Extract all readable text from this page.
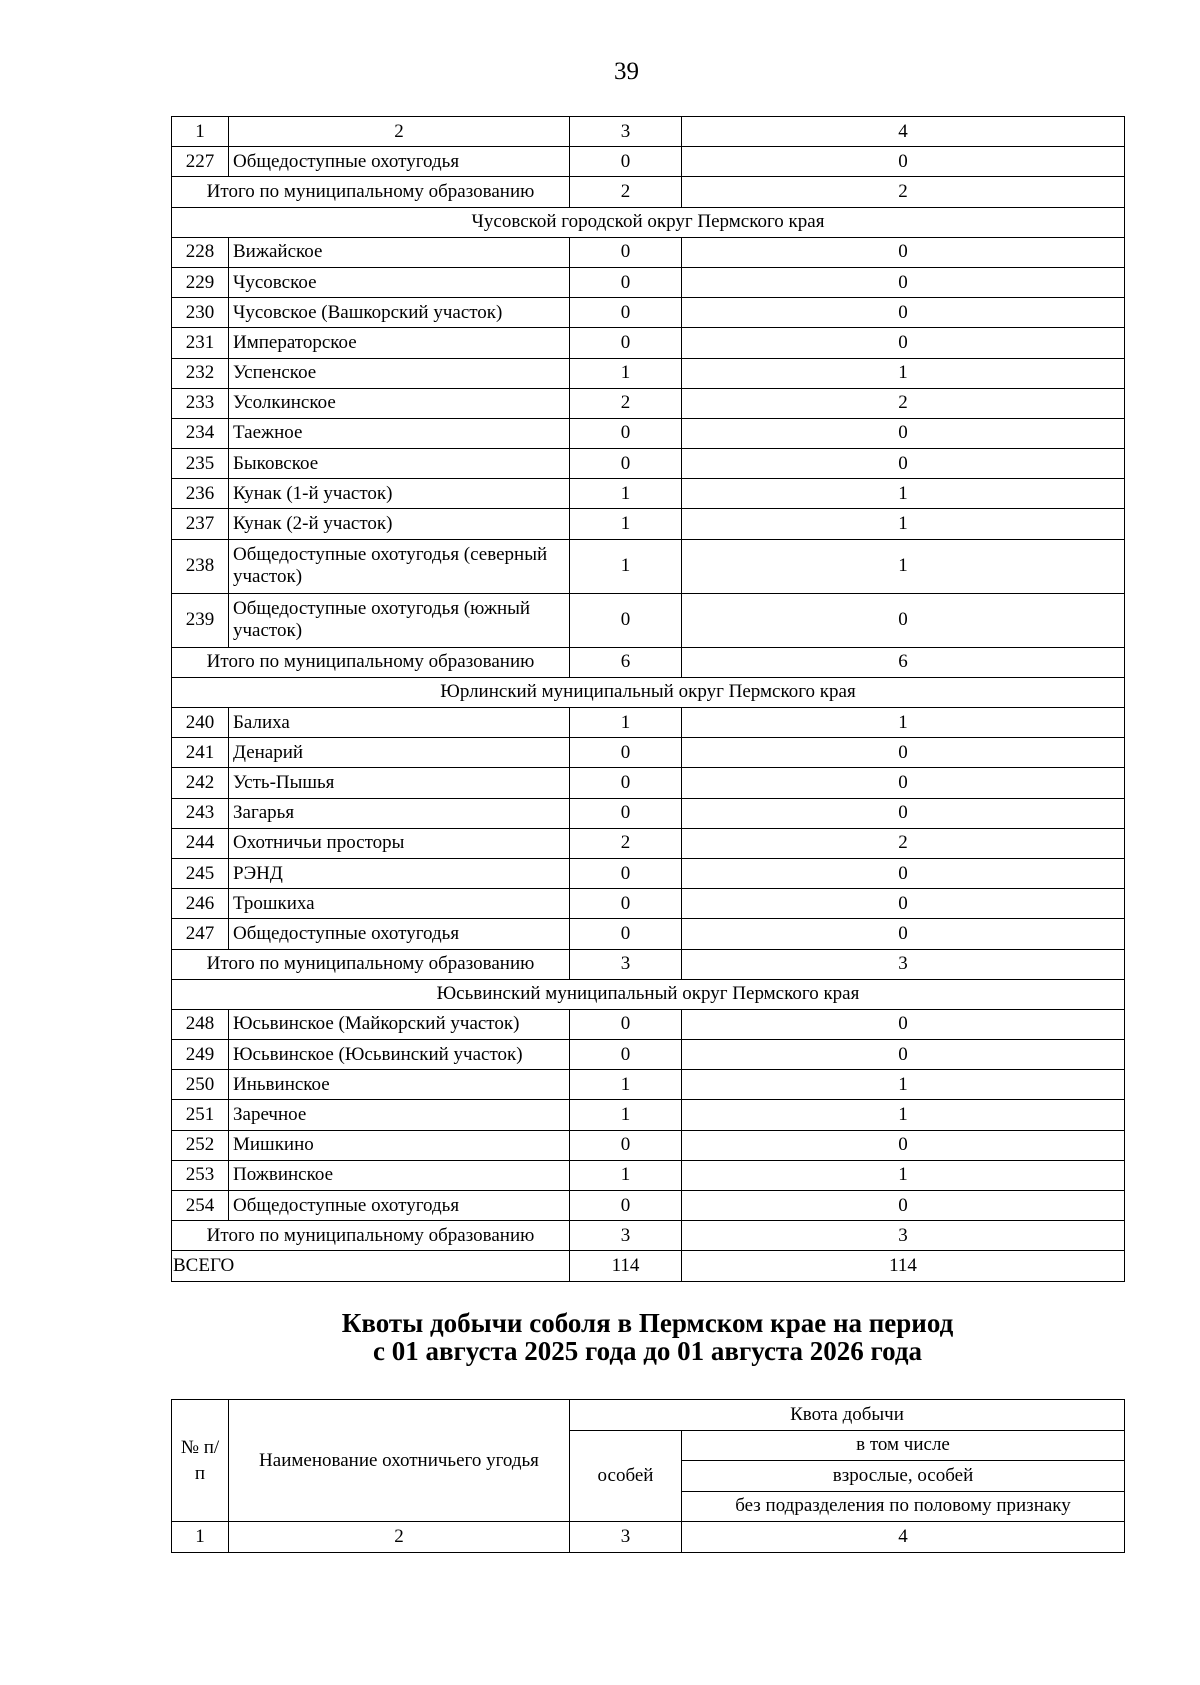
39
1	2	3	4
227	Общедоступные охотугодья	0	0
Итого по муниципальному образованию		2	2
Чусовской городской округ Пермского края			
228	Вижайское	0	0
229	Чусовское	0	0
230	Чусовское (Вашкорский участок)	0	0
231	Императорское	0	0
232	Успенское	1	1
233	Усолкинское	2	2
234	Таежное	0	0
235	Быковское	0	0
236	Кунак (1-й участок)	1	1
237	Кунак (2-й участок)	1	1
238	Общедоступные охотугодья (северный участок)	1	1
239	Общедоступные охотугодья (южный участок)	0	0
Итого по муниципальному образованию		6	6
Юрлинский муниципальный округ Пермского края			
240	Балиха	1	1
241	Денарий	0	0
242	Усть-Пышья	0	0
243	Загарья	0	0
244	Охотничьи просторы	2	2
245	РЭНД	0	0
246	Трошкиха	0	0
247	Общедоступные охотугодья	0	0
Итого по муниципальному образованию		3	3
Юсьвинский муниципальный округ Пермского края			
248	Юсьвинское (Майкорский участок)	0	0
249	Юсьвинское (Юсьвинский участок)	0	0
250	Иньвинское	1	1
251	Заречное	1	1
252	Мишкино	0	0
253	Пожвинское	1	1
254	Общедоступные охотугодья	0	0
Итого по муниципальному образованию		3	3
ВСЕГО		114	114
Квоты добычи соболя в Пермском крае на период
с 01 августа 2025 года до 01 августа 2026 года
№ п/п	Наименование охотничьего угодья	Квота добычи	
		особей	в том числе
			взрослые, особей
			без подразделения по половому признаку
1	2	3	4
